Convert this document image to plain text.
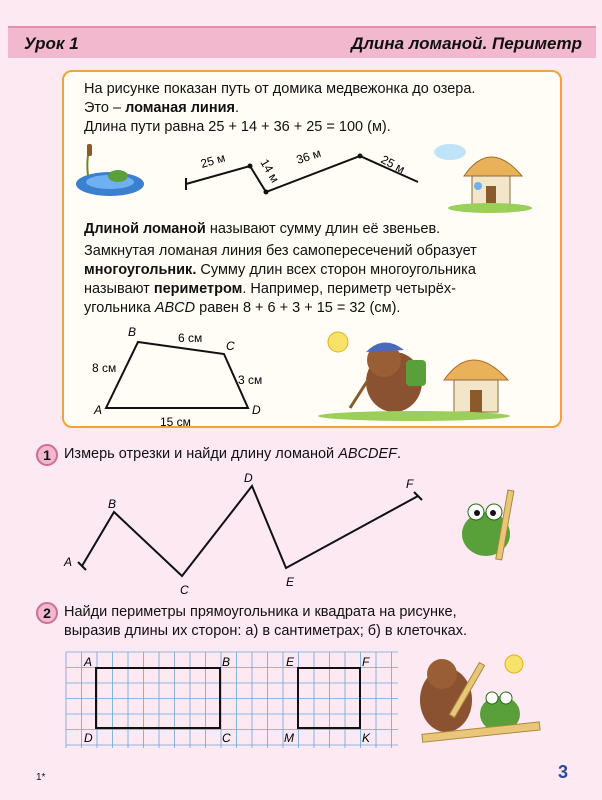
Урок 1	Длина ломаной. Периметр
На рисунке показан путь от домика медвежонка до озера.
Это – ломаная линия.
Длина пути равна 25 + 14 + 36 + 25 = 100 (м).
25 м	14 м
36 м	25 м
Длиной ломаной называют сумму длин её звеньев.
Замкнутая ломаная линия без самопересечений образует
многоугольник. Сумму длин всех сторон многоугольника
называют периметром. Например, периметр четырёх-
угольника ABCD равен 8 + 6 + 3 + 15 = 32 (см).
A
B
C
D
8 см
6 см
3 см
15 см
1 Измерь отрезки и найди длину ломаной ABCDEF.
A
B
C
D
E
F
2 Найди периметры прямоугольника и квадрата на рисунке,
выразив длины их сторон: а) в сантиметрах; б) в клеточках.
A	B
C
D
E	F
K
M
1*	3
